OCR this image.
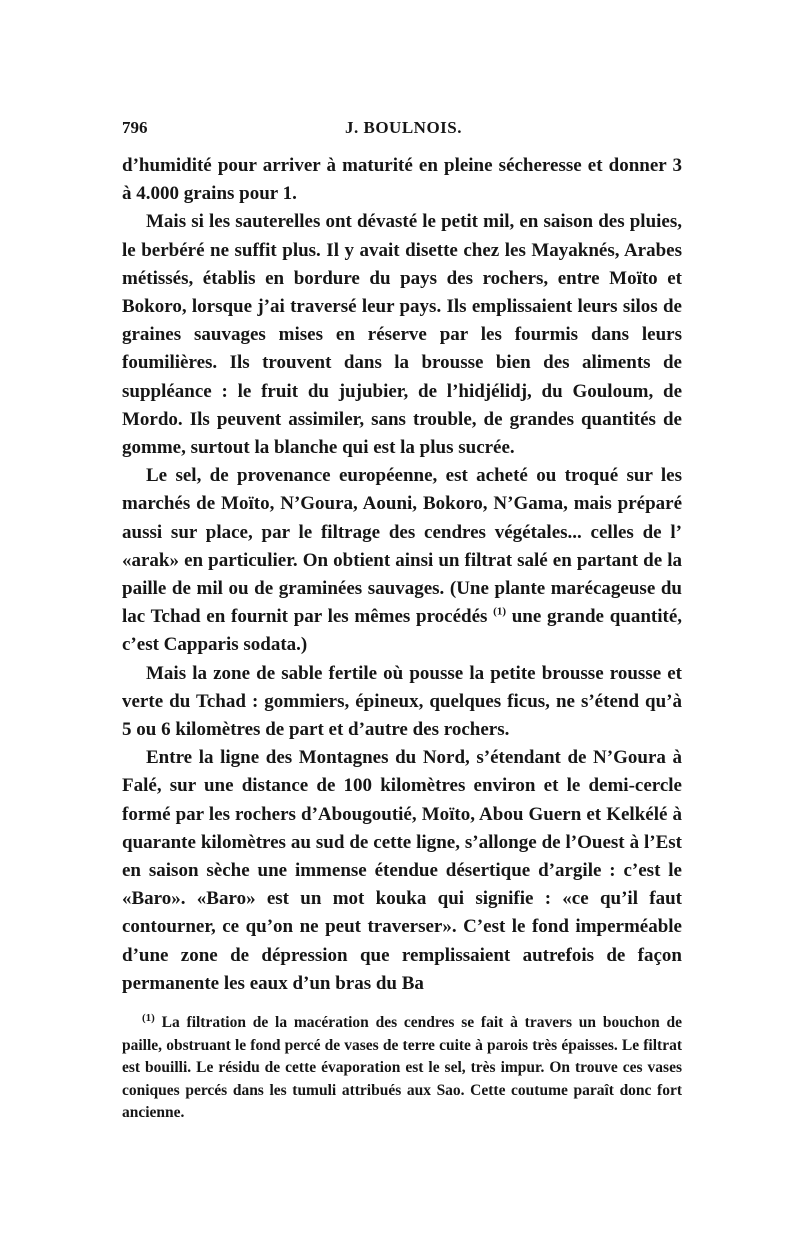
796	J. BOULNOIS.

d’humidité pour arriver à maturité en pleine sécheresse et donner 3 à 4.000 grains pour 1.

Mais si les sauterelles ont dévasté le petit mil, en saison des pluies, le berbéré ne suffit plus. Il y avait disette chez les Mayaknés, Arabes métissés, établis en bordure du pays des rochers, entre Moïto et Bokoro, lorsque j’ai traversé leur pays. Ils emplissaient leurs silos de graines sauvages mises en réserve par les fourmis dans leurs foumilières. Ils trouvent dans la brousse bien des aliments de suppléance : le fruit du jujubier, de l’hidjélidj, du Gouloum, de Mordo. Ils peuvent assimiler, sans trouble, de grandes quantités de gomme, surtout la blanche qui est la plus sucrée.

Le sel, de provenance européenne, est acheté ou troqué sur les marchés de Moïto, N’Goura, Aouni, Bokoro, N’Gama, mais préparé aussi sur place, par le filtrage des cendres végétales... celles de l’ «arak» en particulier. On obtient ainsi un filtrat salé en partant de la paille de mil ou de graminées sauvages. (Une plante marécageuse du lac Tchad en fournit par les mêmes procédés $^{(1)}$ une grande quantité, c’est Capparis sodata.)

Mais la zone de sable fertile où pousse la petite brousse rousse et verte du Tchad : gommiers, épineux, quelques ficus, ne s’étend qu’à 5 ou 6 kilomètres de part et d’autre des rochers.

Entre la ligne des Montagnes du Nord, s’étendant de N’Goura à Falé, sur une distance de 100 kilomètres environ et le demi-cercle formé par les rochers d’Abougoutié, Moïto, Abou Guern et Kelkélé à quarante kilomètres au sud de cette ligne, s’allonge de l’Ouest à l’Est en saison sèche une immense étendue désertique d’argile : c’est le «Baro». «Baro» est un mot kouka qui signifie : «ce qu’il faut contourner, ce qu’on ne peut traverser». C’est le fond imperméable d’une zone de dépression que remplissaient autrefois de façon permanente les eaux d’un bras du Ba

$^{(1)}$ La filtration de la macération des cendres se fait à travers un bouchon de paille, obstruant le fond percé de vases de terre cuite à parois très épaisses. Le filtrat est bouilli. Le résidu de cette évaporation est le sel, très impur. On trouve ces vases coniques percés dans les tumuli attribués aux Sao. Cette coutume paraît donc fort ancienne.
